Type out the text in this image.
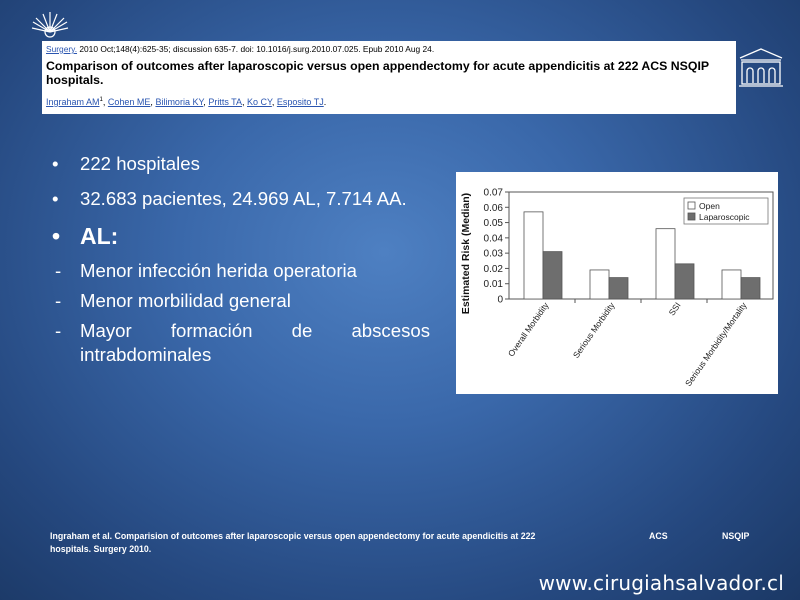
Surgery. 2010 Oct;148(4):625-35; discussion 635-7. doi: 10.1016/j.surg.2010.07.025. Epub 2010 Aug 24.
Comparison of outcomes after laparoscopic versus open appendectomy for acute appendicitis at 222 ACS NSQIP hospitals.
Ingraham $AM^1$, Cohen ME, Bilimoria KY, Pritts TA, Ko CY, Esposito TJ.
• 222 hospitales
• 32.683 pacientes, 24.969 AL, 7.714 AA.
• AL:
- Menor infección herida operatoria
- Menor morbilidad general
- Mayor formación de abscesos
intrabdominales
0
0.01
0.02
0.03
0.04
0.05
0.06
0.07
Estimated Risk (Median)
Overall Morbidity Serious Morbidity	SSI Serious Morbidity/Mortality
Open
Laparoscopic
Ingraham et al. Comparision of outcomes after laparoscopic versus open appendectomy for acute apendicitis at 222	ACS	NSQIP
hospitals. Surgery 2010.
www.cirugiahsalvador.cl
